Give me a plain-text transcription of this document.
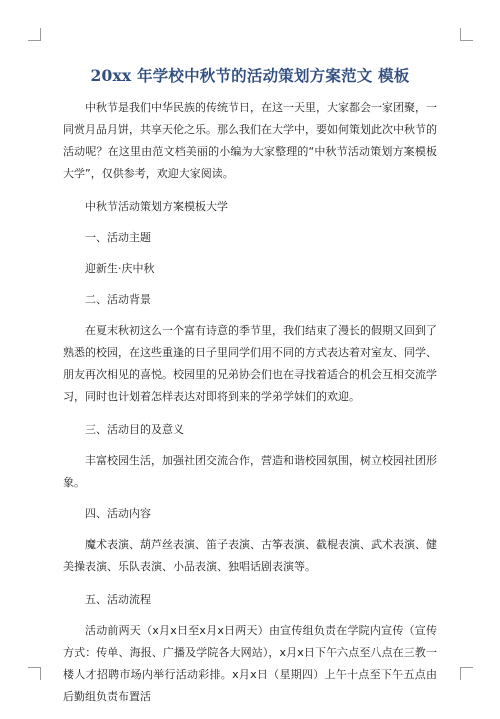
20xx 年学校中秋节的活动策划方案范文 模板

中秋节是我们中华民族的传统节日，在这一天里，大家都会一家团聚，一同赏月品月饼，共享天伦之乐。那么我们在大学中，要如何策划此次中秋节的活动呢？在这里由范文档美丽的小编为大家整理的“中秋节活动策划方案模板大学”，仅供参考，欢迎大家阅读。

中秋节活动策划方案模板大学

一、活动主题

迎新生·庆中秋

二、活动背景

在夏末秋初这么一个富有诗意的季节里，我们结束了漫长的假期又回到了熟悉的校园，在这些重逢的日子里同学们用不同的方式表达着对室友、同学、朋友再次相见的喜悦。校园里的兄弟协会们也在寻找着适合的机会互相交流学习，同时也计划着怎样表达对即将到来的学弟学妹们的欢迎。

三、活动目的及意义

丰富校园生活，加强社团交流合作，营造和谐校园氛围，树立校园社团形象。

四、活动内容

魔术表演、葫芦丝表演、笛子表演、古筝表演、截棍表演、武术表演、健美操表演、乐队表演、小品表演、独唱话剧表演等。

五、活动流程

活动前两天（x月x日至x月x日两天）由宣传组负责在学院内宣传（宣传方式：传单、海报、广播及学院各大网站），x月x日下午六点至八点在三教一楼人才招聘市场内举行活动彩排。x月x日（星期四）上午十点至下午五点由后勤组负责布置活
